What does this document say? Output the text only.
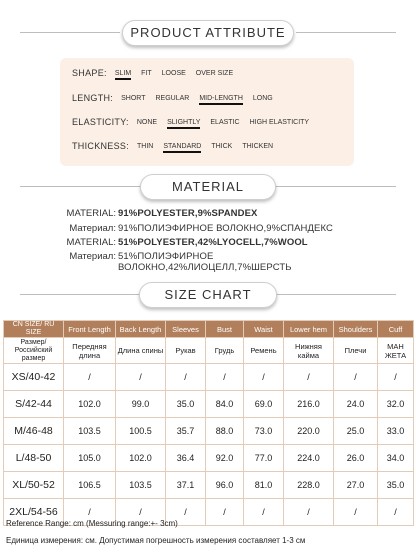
PRODUCT ATTRIBUTE
SHAPE: SLIM FIT LOOSE OVER SIZE
LENGTH: SHORT REGULAR MID-LENGTH LONG
ELASTICITY: NONE SLIGHTLY ELASTIC HIGH ELASTICITY
THICKNESS: THIN STANDARD THICK THICKEN
MATERIAL
MATERIAL: 91%POLYESTER,9%SPANDEX
Материал: 91%ПОЛИЭФИРНОЕ ВОЛОКНО,9%СПАНДЕКС
MATERIAL: 51%POLYESTER,42%LYOCELL,7%WOOL
Материал: 51%ПОЛИЭФИРНОЕ ВОЛОКНО,42%ЛИОЦЕЛЛ,7%ШЕРСТЬ
SIZE CHART
CN SIZE/ RU SIZE	Front Length	Back Length	Sleeves	Bust	Waist	Lower hem	Shoulders	Cuff
Размер/ Российский размер	Передняя длина	Длина спины	Рукав	Грудь	Ремень	Нижняя кайма	Плечи	МАН ЖЕТА
XS/40-42	/	/	/	/	/	/	/	/
S/42-44	102.0	99.0	35.0	84.0	69.0	216.0	24.0	32.0
M/46-48	103.5	100.5	35.7	88.0	73.0	220.0	25.0	33.0
L/48-50	105.0	102.0	36.4	92.0	77.0	224.0	26.0	34.0
XL/50-52	106.5	103.5	37.1	96.0	81.0	228.0	27.0	35.0
2XL/54-56	/	/	/	/	/	/	/	/
Reference Range: cm (Messuring range:+- 3cm)
Единица измерения: см. Допустимая погрешность измерения составляет 1-3 см
